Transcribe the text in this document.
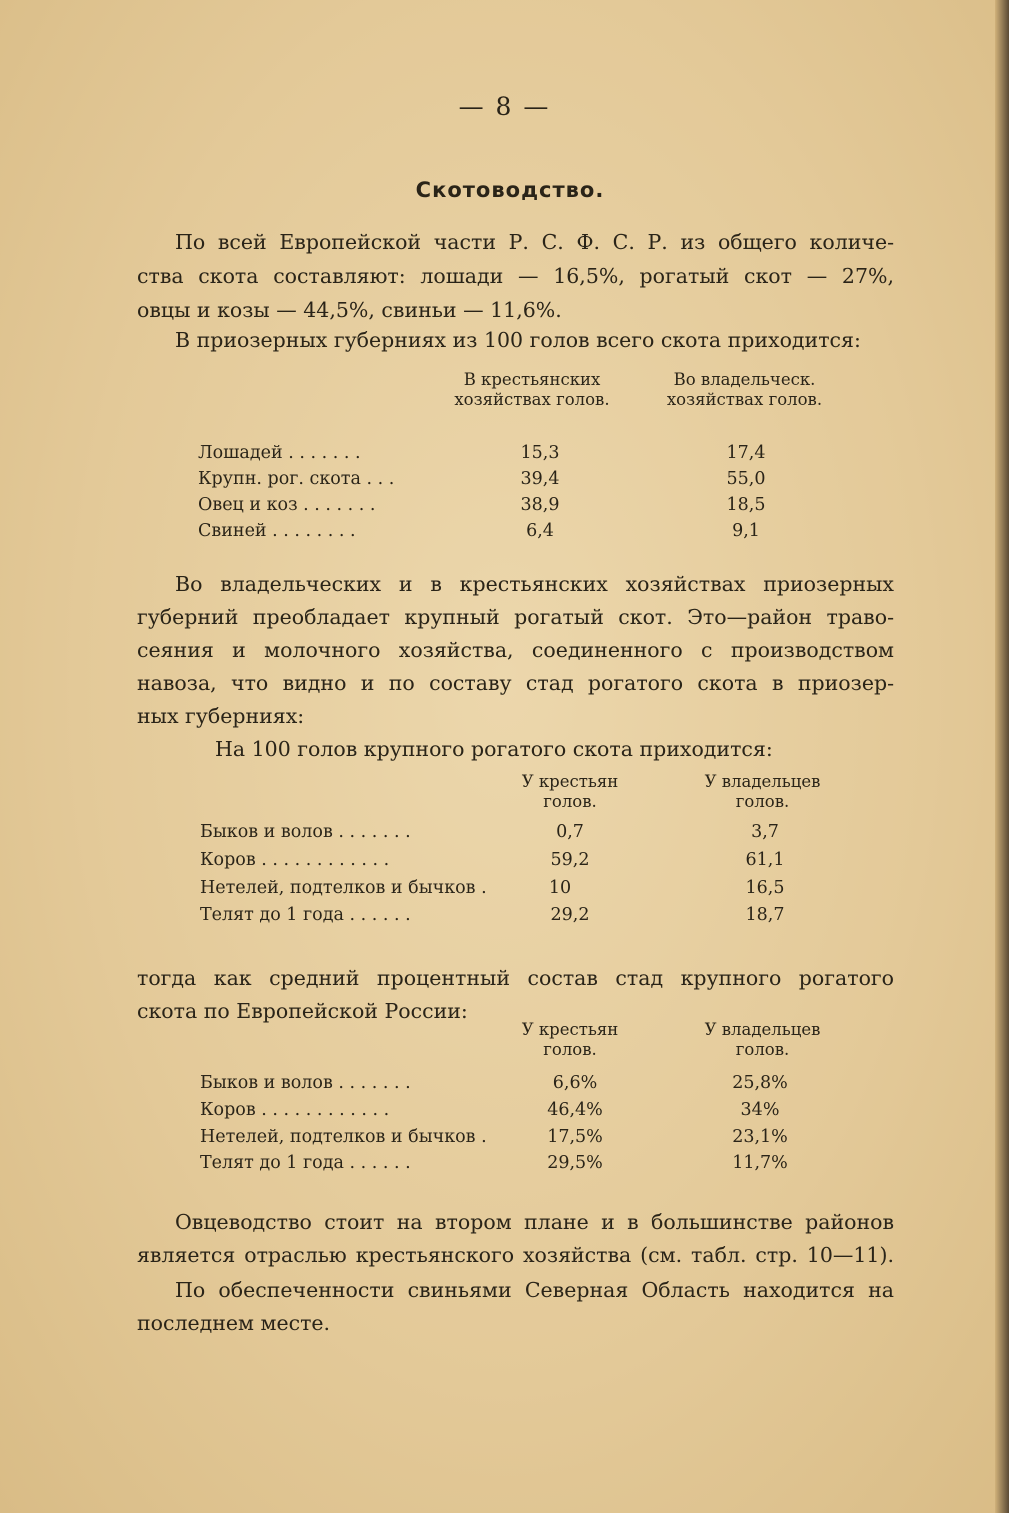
— 8 —
Скотоводство.
По всей Европейской части Р. С. Ф. С. Р. из общего количе-
ства скота составляют: лошади — 16,5%, рогатый скот — 27%,
овцы и козы — 44,5%, свиньи — 11,6%.
В приозерных губерниях из 100 голов всего скота приходится:
В крестьянских хозяйствах голов.
Во владельческ. хозяйствах голов.
Лошадей . . . . . . .	15,3	17,4
Крупн. рог. скота . . .	39,4	55,0
Овец и коз . . . . . . .	38,9	18,5
Свиней . . . . . . . .	6,4	9,1
Во владельческих и в крестьянских хозяйствах приозерных
губерний преобладает крупный рогатый скот. Это—район траво-
сеяния и молочного хозяйства, соединенного с производством
навоза, что видно и по составу стад рогатого скота в приозер-
ных губерниях:
На 100 голов крупного рогатого скота приходится:
У крестьян голов.
У владельцев голов.
Быков и волов . . . . . . .	0,7	3,7
Коров . . . . . . . . . . . .	59,2	61,1
Нетелей, подтелков и бычков .	10	16,5
Телят до 1 года . . . . . .	29,2	18,7
тогда как средний процентный состав стад крупного рогатого
скота по Европейской России:
У крестьян голов.
У владельцев голов.
Быков и волов . . . . . . .	6,6%	25,8%
Коров . . . . . . . . . . . .	46,4%	34%
Нетелей, подтелков и бычков .	17,5%	23,1%
Телят до 1 года . . . . . .	29,5%	11,7%
Овцеводство стоит на втором плане и в большинстве районов
является отраслью крестьянского хозяйства (см. табл. стр. 10—11).
По обеспеченности свиньями Северная Область находится на
последнем месте.
